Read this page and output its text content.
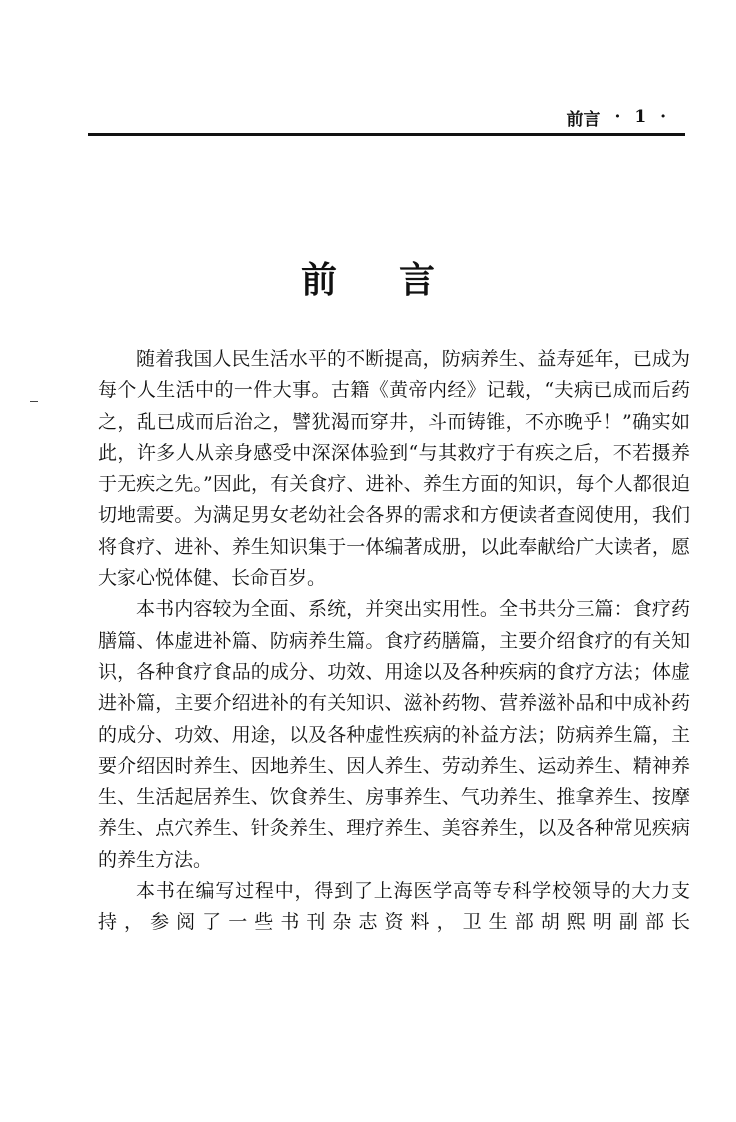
前言 · 1 ·
前言

随着我国人民生活水平的不断提高，防病养生、益寿延年，已成为每个人生活中的一件大事。古籍《黄帝内经》记载，“夫病已成而后药之，乱已成而后治之，譬犹渴而穿井，斗而铸锥，不亦晚乎！”确实如此，许多人从亲身感受中深深体验到“与其救疗于有疾之后，不若摄养于无疾之先。”因此，有关食疗、进补、养生方面的知识，每个人都很迫切地需要。为满足男女老幼社会各界的需求和方便读者查阅使用，我们将食疗、进补、养生知识集于一体编著成册，以此奉献给广大读者，愿大家心悦体健、长命百岁。

本书内容较为全面、系统，并突出实用性。全书共分三篇：食疗药膳篇、体虚进补篇、防病养生篇。食疗药膳篇，主要介绍食疗的有关知识，各种食疗食品的成分、功效、用途以及各种疾病的食疗方法；体虚进补篇，主要介绍进补的有关知识、滋补药物、营养滋补品和中成补药的成分、功效、用途，以及各种虚性疾病的补益方法；防病养生篇，主要介绍因时养生、因地养生、因人养生、劳动养生、运动养生、精神养生、生活起居养生、饮食养生、房事养生、气功养生、推拿养生、按摩养生、点穴养生、针灸养生、理疗养生、美容养生，以及各种常见疾病的养生方法。

本书在编写过程中，得到了上海医学高等专科学校领导的大力支持，参阅了一些书刊杂志资料，卫生部胡熙明副部长
